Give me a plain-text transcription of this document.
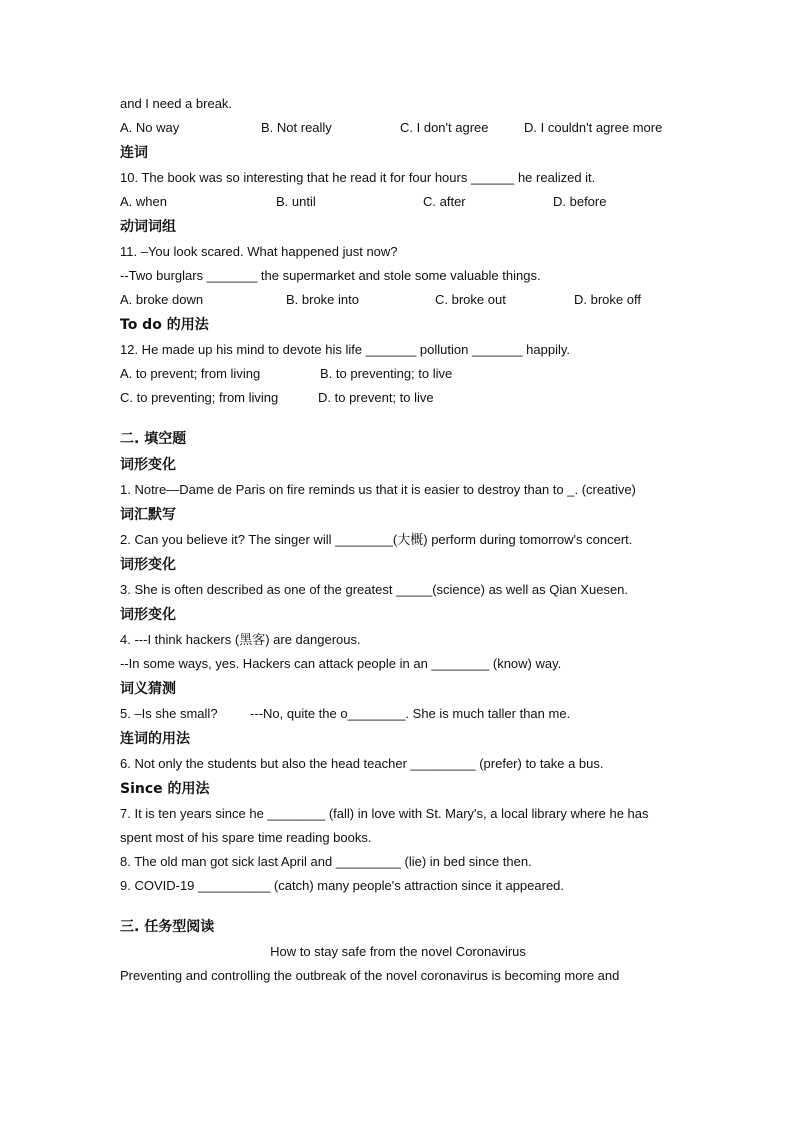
and I need a break.
A. No way	B. Not really	C. I don't agree	D. I couldn't agree more
连词
10. The book was so interesting that he read it for four hours ______ he realized it.
A. when	B. until	C. after	D. before
动词词组
11. –You look scared. What happened just now?
--Two burglars _______ the supermarket and stole some valuable things.
A. broke down	B. broke into	C. broke out	D. broke off
To do 的用法
12. He made up his mind to devote his life _______ pollution _______ happily.
A. to prevent; from living	B. to preventing; to live
C. to preventing; from living	D. to prevent; to live
二. 填空题
词形变化
1. Notre—Dame de Paris on fire reminds us that it is easier to destroy than to _. (creative)
词汇默写
2. Can you believe it? The singer will ________(大概) perform during tomorrow's concert.
词形变化
3. She is often described as one of the greatest _____(science) as well as Qian Xuesen.
词形变化
4. ---I think hackers (黑客) are dangerous.
--In some ways, yes. Hackers can attack people in an ________ (know) way.
词义猜测
5. –Is she small?         ---No, quite the o________. She is much taller than me.
连词的用法
6. Not only the students but also the head teacher _________ (prefer) to take a bus.
Since 的用法
7. It is ten years since he ________ (fall) in love with St. Mary's, a local library where he has spent most of his spare time reading books.
8. The old man got sick last April and _________ (lie) in bed since then.
9. COVID-19 __________ (catch) many people's attraction since it appeared.
三. 任务型阅读
How to stay safe from the novel Coronavirus
Preventing and controlling the outbreak of the novel coronavirus is becoming more and
